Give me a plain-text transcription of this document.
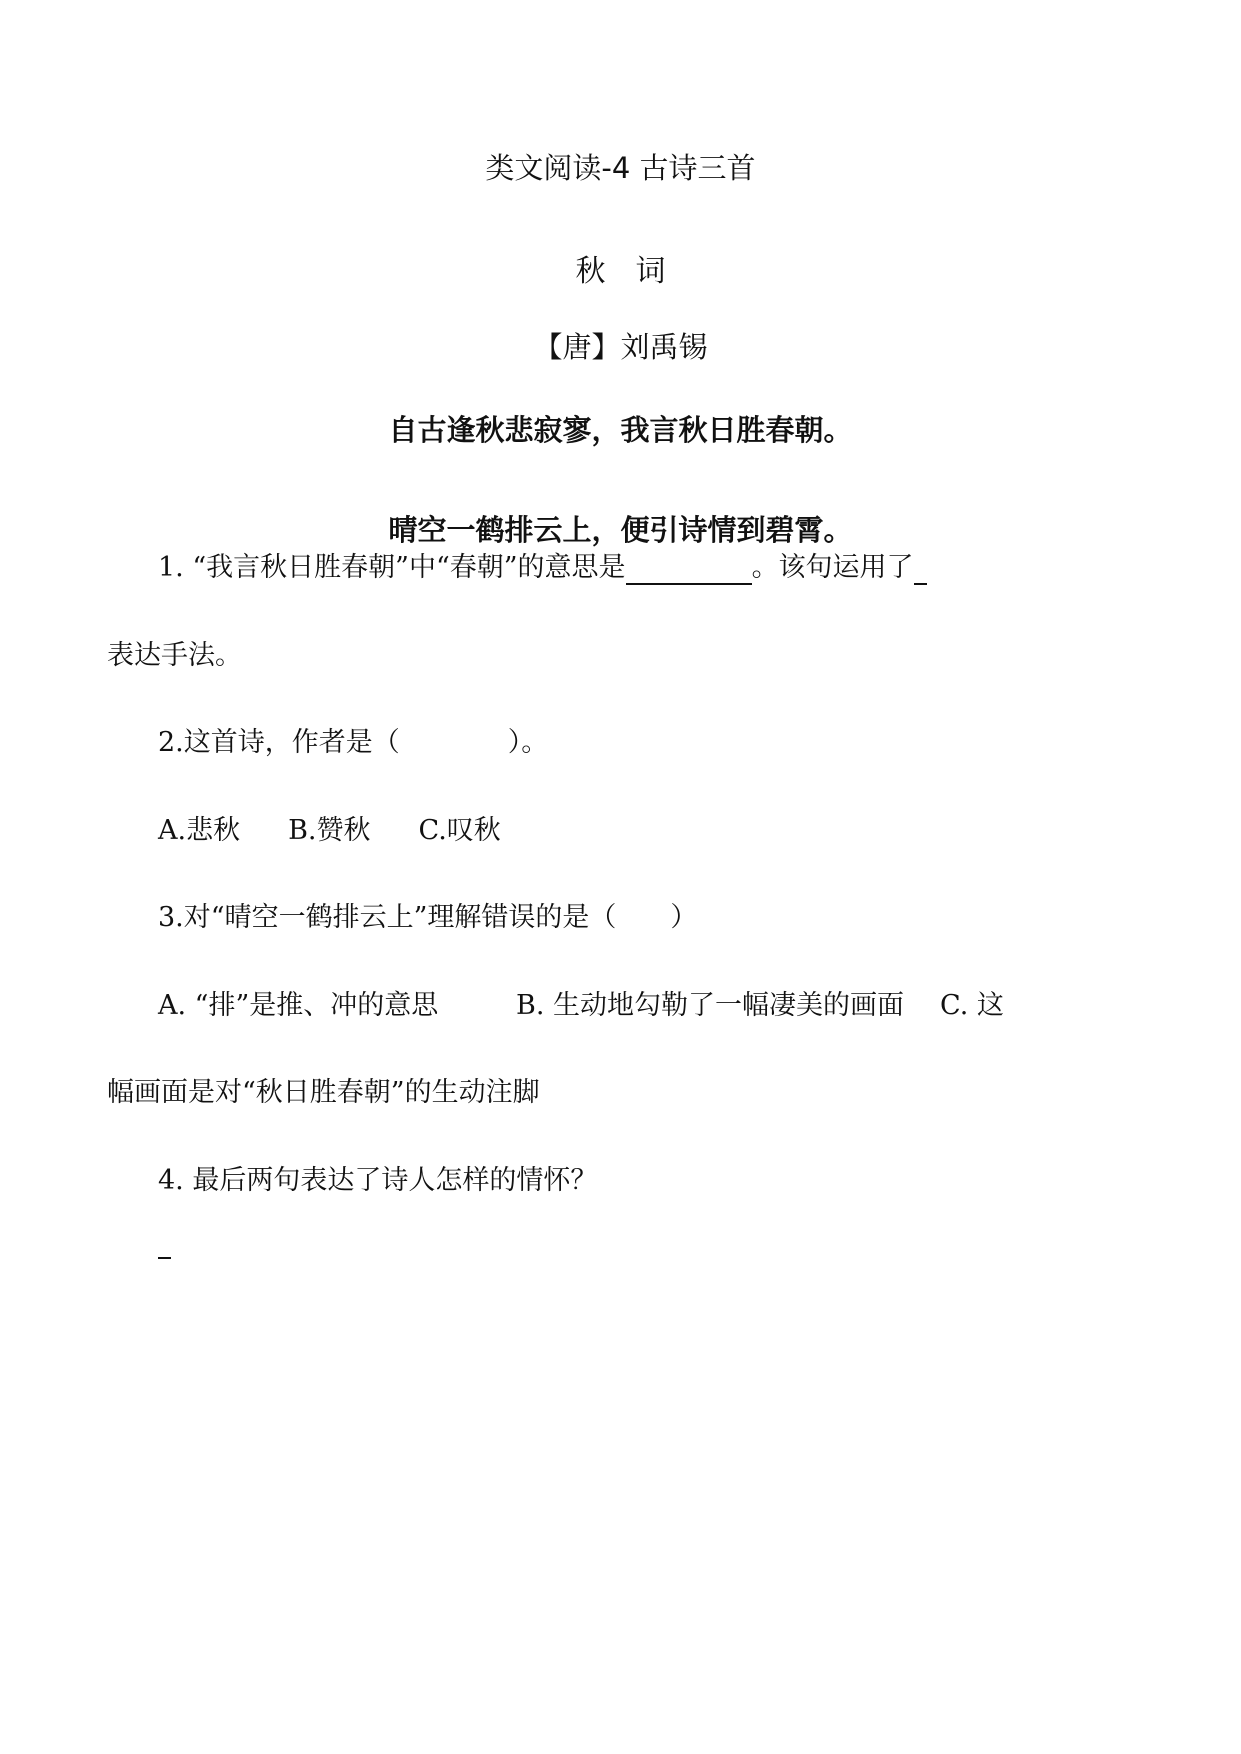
类文阅读-4 古诗三首
秋词
【唐】刘禹锡
自古逢秋悲寂寥，我言秋日胜春朝。
晴空一鹤排云上，便引诗情到碧霄。
1. “我言秋日胜春朝”中“春朝”的意思是	。该句运用了
表达手法。
2.这首诗，作者是（　　　　）。
A.悲秋 B.赞秋 C.叹秋
3.对“晴空一鹤排云上”理解错误的是（　　）
A. “排”是推、冲的意思	B. 生动地勾勒了一幅凄美的画面 C. 这
幅画面是对“秋日胜春朝”的生动注脚
4. 最后两句表达了诗人怎样的情怀？
